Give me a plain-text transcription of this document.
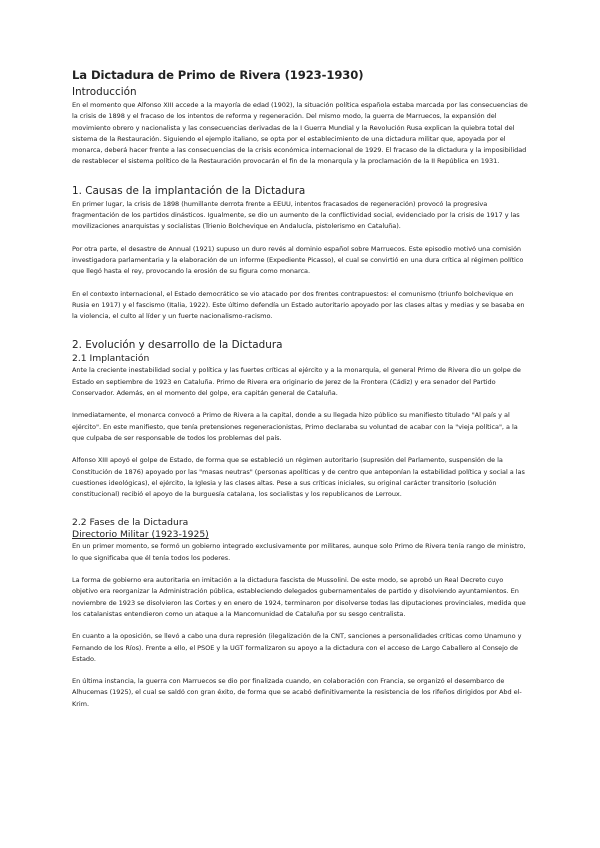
La Dictadura de Primo de Rivera (1923-1930)
Introducción

En el momento que Alfonso XIII accede a la mayoría de edad (1902), la situación política española estaba marcada por las consecuencias de la crisis de 1898 y el fracaso de los intentos de reforma y regeneración. Del mismo modo, la guerra de Marruecos, la expansión del movimiento obrero y nacionalista y las consecuencias derivadas de la I Guerra Mundial y la Revolución Rusa explican la quiebra total del sistema de la Restauración. Siguiendo el ejemplo italiano, se opta por el establecimiento de una dictadura militar que, apoyada por el monarca, deberá hacer frente a las consecuencias de la crisis económica internacional de 1929. El fracaso de la dictadura y la imposibilidad de restablecer el sistema político de la Restauración provocarán el fin de la monarquía y la proclamación de la II República en 1931.

1. Causas de la implantación de la Dictadura

En primer lugar, la crisis de 1898 (humillante derrota frente a EEUU, intentos fracasados de regeneración) provocó la progresiva fragmentación de los partidos dinásticos. Igualmente, se dio un aumento de la conflictividad social, evidenciado por la crisis de 1917 y las movilizaciones anarquistas y socialistas (Trienio Bolchevique en Andalucía, pistolerismo en Cataluña).

Por otra parte, el desastre de Annual (1921) supuso un duro revés al dominio español sobre Marruecos. Este episodio motivó una comisión investigadora parlamentaria y la elaboración de un informe (Expediente Picasso), el cual se convirtió en una dura crítica al régimen político que llegó hasta el rey, provocando la erosión de su figura como monarca.

En el contexto internacional, el Estado democrático se vio atacado por dos frentes contrapuestos: el comunismo (triunfo bolchevique en Rusia en 1917) y el fascismo (Italia, 1922). Este último defendía un Estado autoritario apoyado por las clases altas y medias y se basaba en la violencia, el culto al líder y un fuerte nacionalismo-racismo.

2. Evolución y desarrollo de la Dictadura
2.1 Implantación

Ante la creciente inestabilidad social y política y las fuertes críticas al ejército y a la monarquía, el general Primo de Rivera dio un golpe de Estado en septiembre de 1923 en Cataluña. Primo de Rivera era originario de Jerez de la Frontera (Cádiz) y era senador del Partido Conservador. Además, en el momento del golpe, era capitán general de Cataluña.

Inmediatamente, el monarca convocó a Primo de Rivera a la capital, donde a su llegada hizo público su manifiesto titulado "Al país y al ejército". En este manifiesto, que tenía pretensiones regeneracionistas, Primo declaraba su voluntad de acabar con la "vieja política", a la que culpaba de ser responsable de todos los problemas del país.

Alfonso XIII apoyó el golpe de Estado, de forma que se estableció un régimen autoritario (supresión del Parlamento, suspensión de la Constitución de 1876) apoyado por las "masas neutras" (personas apolíticas y de centro que anteponían la estabilidad política y social a las cuestiones ideológicas), el ejército, la Iglesia y las clases altas. Pese a sus críticas iniciales, su original carácter transitorio (solución constitucional) recibió el apoyo de la burguesía catalana, los socialistas y los republicanos de Lerroux.

2.2 Fases de la Dictadura
Directorio Militar (1923-1925)

En un primer momento, se formó un gobierno integrado exclusivamente por militares, aunque solo Primo de Rivera tenía rango de ministro, lo que significaba que él tenía todos los poderes.

La forma de gobierno era autoritaria en imitación a la dictadura fascista de Mussolini. De este modo, se aprobó un Real Decreto cuyo objetivo era reorganizar la Administración pública, estableciendo delegados gubernamentales de partido y disolviendo ayuntamientos. En noviembre de 1923 se disolvieron las Cortes y en enero de 1924, terminaron por disolverse todas las diputaciones provinciales, medida que los catalanistas entendieron como un ataque a la Mancomunidad de Cataluña por su sesgo centralista.

En cuanto a la oposición, se llevó a cabo una dura represión (ilegalización de la CNT, sanciones a personalidades críticas como Unamuno y Fernando de los Ríos). Frente a ello, el PSOE y la UGT formalizaron su apoyo a la dictadura con el acceso de Largo Caballero al Consejo de Estado.

En última instancia, la guerra con Marruecos se dio por finalizada cuando, en colaboración con Francia, se organizó el desembarco de Alhucemas (1925), el cual se saldó con gran éxito, de forma que se acabó definitivamente la resistencia de los rifeños dirigidos por Abd el-Krim.
